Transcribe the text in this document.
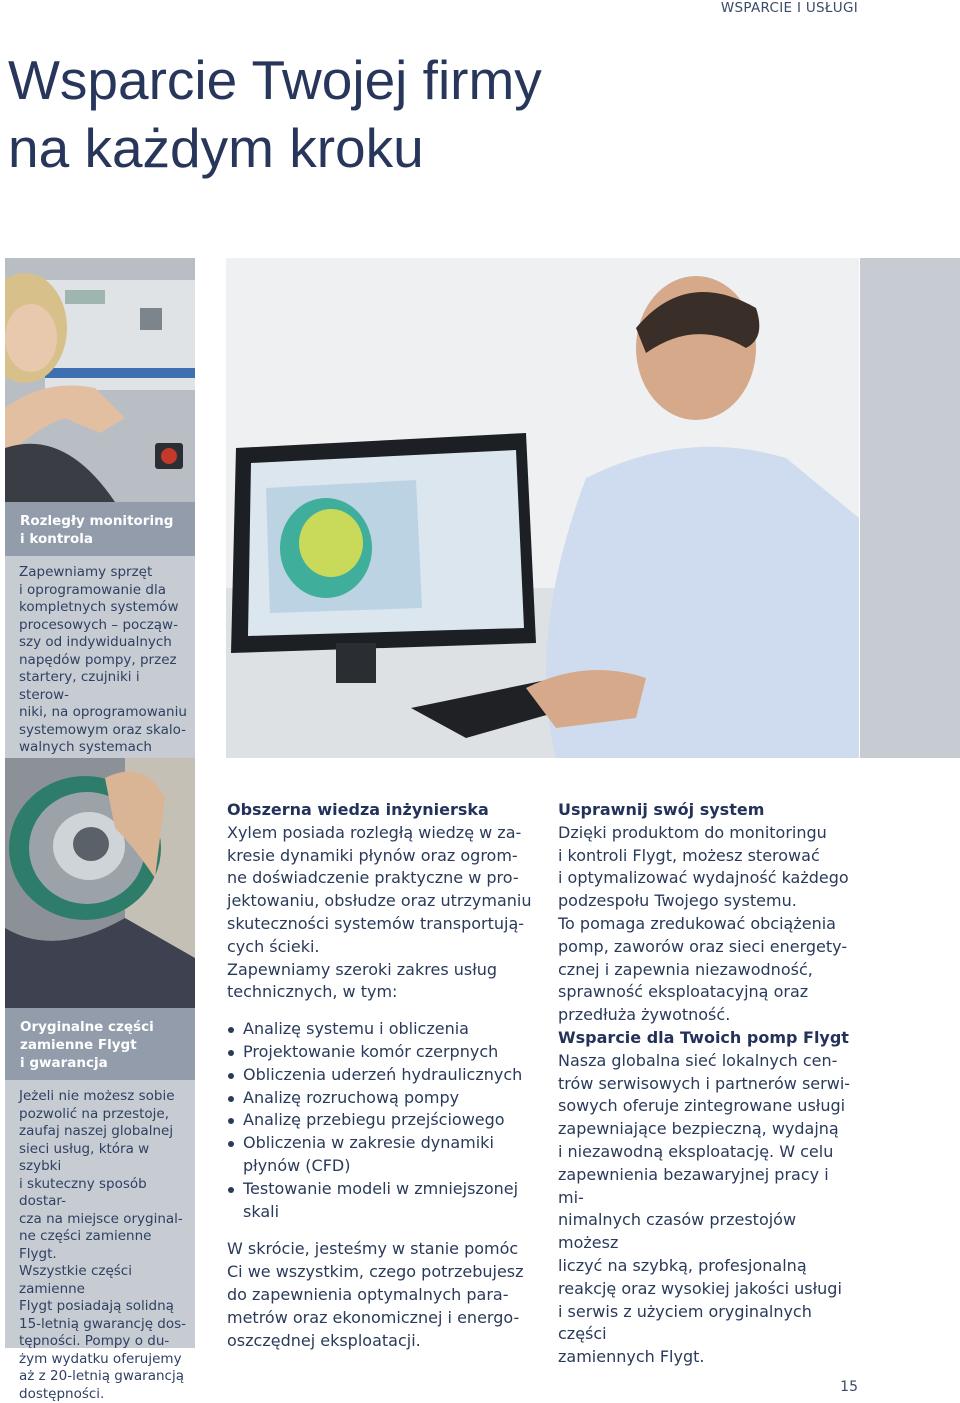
WSPARCIE I USŁUGI
Wsparcie Twojej firmy
na każdym kroku
Rozległy monitoring
i kontrola
Zapewniamy sprzęt
i oprogramowanie dla
kompletnych systemów
procesowych – począw-
szy od indywidualnych
napędów pompy, przez
startery, czujniki i sterow-
niki, na oprogramowaniu
systemowym oraz skalo-
walnych systemach

Oryginalne części
zamienne Flygt
i gwarancja
Jeżeli nie możesz sobie
pozwolić na przestoje,
zaufaj naszej globalnej
sieci usług, która w szybki
i skuteczny sposób dostar-
cza na miejsce oryginal-
ne części zamienne Flygt.
Wszystkie części zamienne
Flygt posiadają solidną
15-letnią gwarancję dos-
tępności. Pompy o du-
żym wydatku oferujemy
aż z 20-letnią gwarancją
dostępności.
Obszerna wiedza inżynierska

Xylem posiada rozległą wiedzę w za-
kresie dynamiki płynów oraz ogrom-
ne doświadczenie praktyczne w pro-
jektowaniu, obsłudze oraz utrzymaniu
skuteczności systemów transportują-
cych ścieki.

Zapewniamy szeroki zakres usług
technicznych, w tym:

Analizę systemu i obliczenia
Projektowanie komór czerpnych
Obliczenia uderzeń hydraulicznych
Analizę rozruchową pompy
Analizę przebiegu przejściowego
Obliczenia w zakresie dynamiki
płynów (CFD)
Testowanie modeli w zmniejszonej
skali

W skrócie, jesteśmy w stanie pomóc
Ci we wszystkim, czego potrzebujesz
do zapewnienia optymalnych para-
metrów oraz ekonomicznej i energo-
oszczędnej eksploatacji.

Usprawnij swój system

Dzięki produktom do monitoringu
i kontroli Flygt, możesz sterować
i optymalizować wydajność każdego
podzespołu Twojego systemu.
To pomaga zredukować obciążenia
pomp, zaworów oraz sieci energety-
cznej i zapewnia niezawodność,
sprawność eksploatacyjną oraz
przedłuża żywotność.

Wsparcie dla Twoich pomp Flygt

Nasza globalna sieć lokalnych cen-
trów serwisowych i partnerów serwi-
sowych oferuje zintegrowane usługi
zapewniające bezpieczną, wydajną
i niezawodną eksploatację. W celu
zapewnienia bezawaryjnej pracy i mi-
nimalnych czasów przestojów możesz
liczyć na szybką, profesjonalną
reakcję oraz wysokiej jakości usługi
i serwis z użyciem oryginalnych części
zamiennych Flygt.

15
